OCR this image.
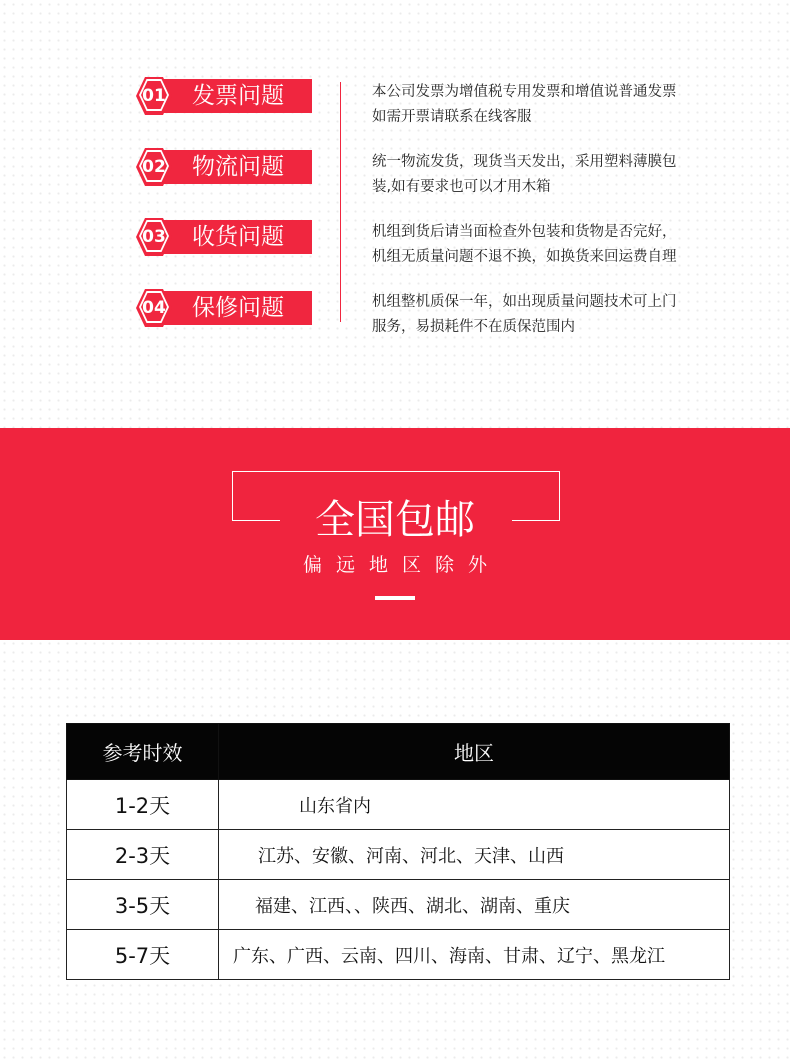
01 发票问题	本公司发票为增值税专用发票和增值说普通发票
如需开票请联系在线客服
02 物流问题	统一物流发货，现货当天发出，采用塑料薄膜包
装,如有要求也可以才用木箱
03 收货问题	机组到货后请当面检查外包装和货物是否完好，
机组无质量问题不退不换，如换货来回运费自理
04 保修问题	机组整机质保一年，如出现质量问题技术可上门
服务，易损耗件不在质保范围内
全国包邮
偏远地区除外
参考时效	地区
1-2天	山东省内
2-3天	江苏、安徽、河南、河北、天津、山西
3-5天	福建、江西、、陕西、湖北、湖南、重庆
5-7天	广东、广西、云南、四川、海南、甘肃、辽宁、黑龙江
